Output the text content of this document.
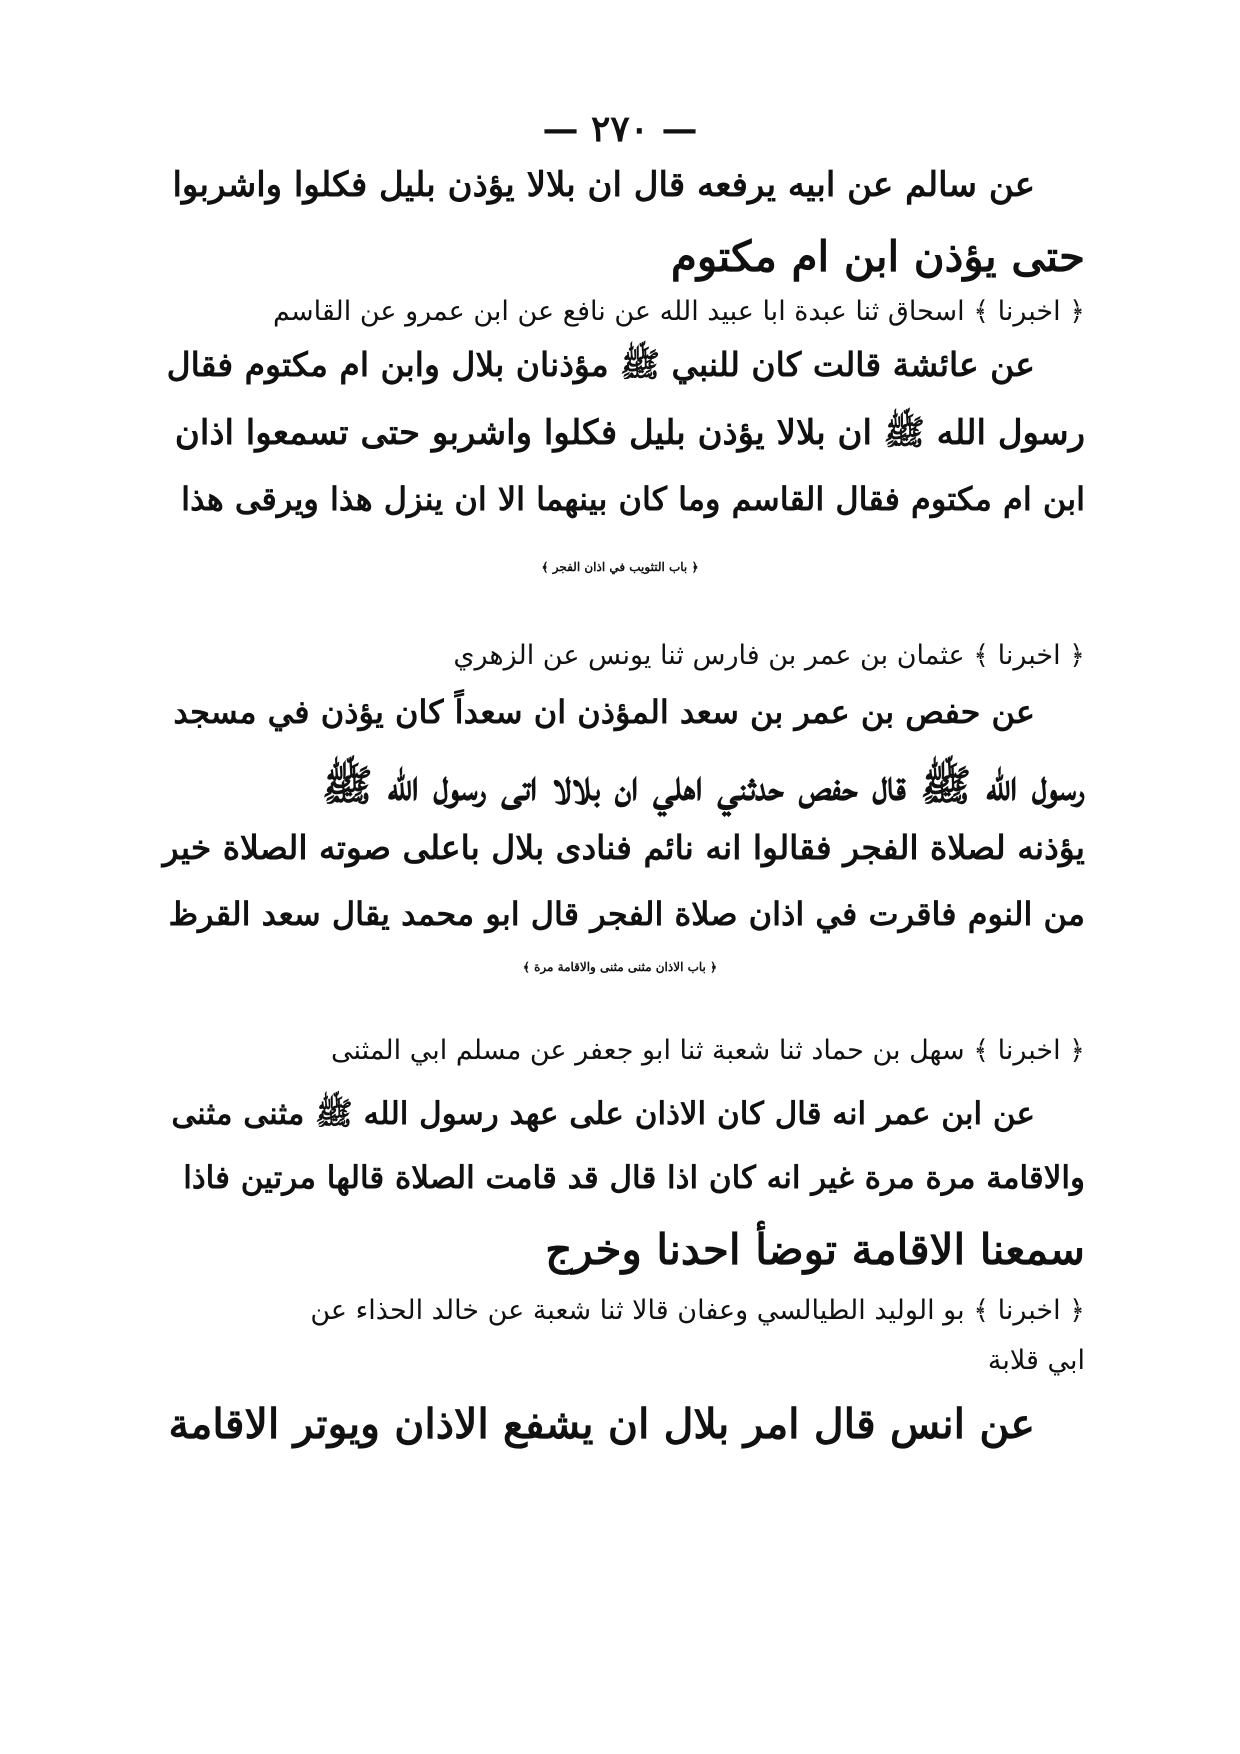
— ٢٧٠ —
عن سالم عن ابيه يرفعه قال ان بلالا يؤذن بليل فكلوا واشربوا
حتى يؤذن ابن ام مكتوم
﴿ اخبرنا ﴾ اسحاق ثنا عبدة ابا عبيد الله عن نافع عن ابن عمرو عن القاسم
عن عائشة قالت كان للنبي ﷺ مؤذنان بلال وابن ام مكتوم فقال
رسول الله ﷺ ان بلالا يؤذن بليل فكلوا واشربو حتى تسمعوا اذان
ابن ام مكتوم فقال القاسم وما كان بينهما الا ان ينزل هذا ويرقى هذا
﴿ باب التثويب في اذان الفجر ﴾
﴿ اخبرنا ﴾ عثمان بن عمر بن فارس ثنا يونس عن الزهري
عن حفص بن عمر بن سعد المؤذن ان سعداً كان يؤذن في مسجد
رسول الله ﷺ قال حفص حدثني اهلي ان بلالا اتى رسول الله ﷺ
يؤذنه لصلاة الفجر فقالوا انه نائم فنادى بلال باعلى صوته الصلاة خير
من النوم فاقرت في اذان صلاة الفجر قال ابو محمد يقال سعد القرظ
﴿ باب الاذان مثنى مثنى والاقامة مرة ﴾
﴿ اخبرنا ﴾ سهل بن حماد ثنا شعبة ثنا ابو جعفر عن مسلم ابي المثنى
عن ابن عمر انه قال كان الاذان على عهد رسول الله ﷺ مثنى مثنى
والاقامة مرة مرة غير انه كان اذا قال قد قامت الصلاة قالها مرتين فاذا
سمعنا الاقامة توضأ احدنا وخرج
﴿ اخبرنا ﴾ بو الوليد الطيالسي وعفان قالا ثنا شعبة عن خالد الحذاء عن
ابي قلابة
عن انس قال امر بلال ان يشفع الاذان ويوتر الاقامة
